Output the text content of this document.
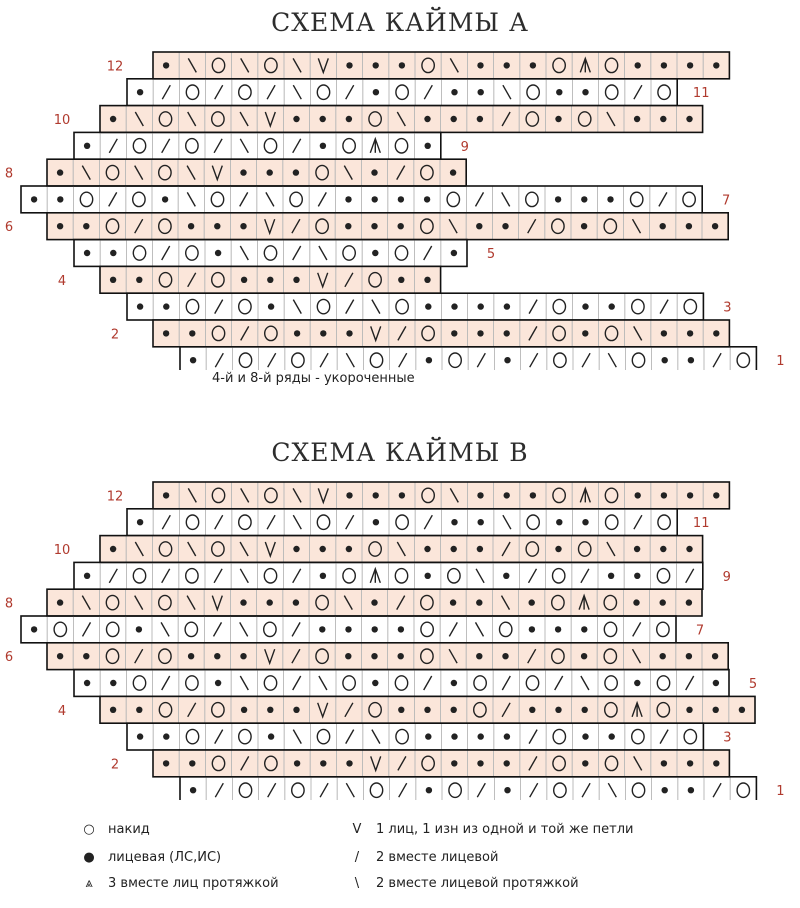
СХЕМА КАЙМЫ А
12
11
10
9
8
7
6
5
4
3
2
1
4-й и 8-й ряды - укороченные
СХЕМА КАЙМЫ В
12
11
10
9
8
7
6
5
4
3
2
1
○ накид
● лицевая (ЛС,ИС)
⩓ 3 вместе лиц протяжкой
V 1 лиц, 1 изн из одной и той же петли
/ 2 вместе лицевой
\ 2 вместе лицевой протяжкой
